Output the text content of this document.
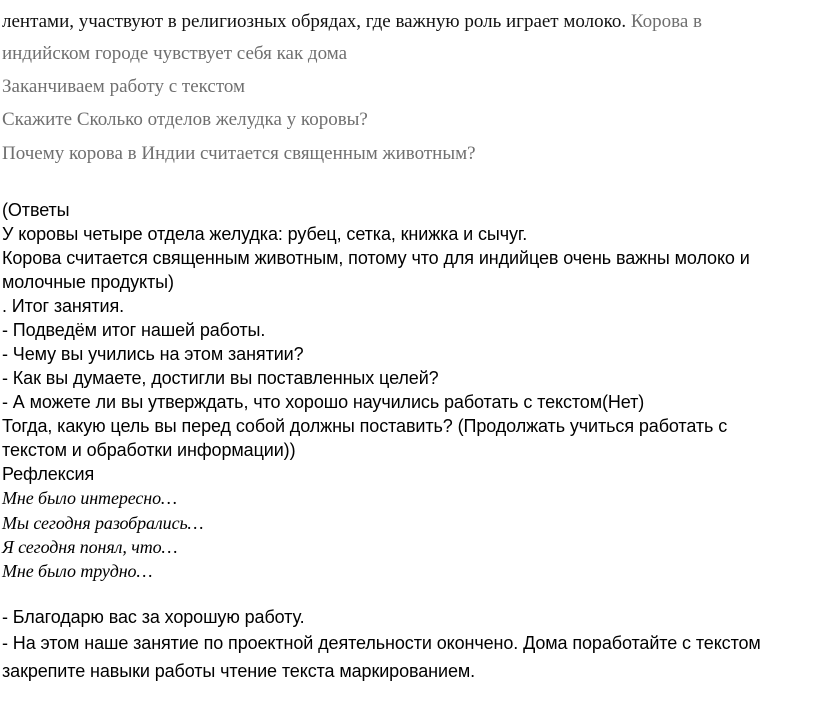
лентами, участвуют в религиозных обрядах, где важную роль играет молоко. Корова в
индийском городе чувствует себя как дома
Заканчиваем работу с текстом
Скажите Сколько отделов желудка у коровы?
Почему корова в Индии считается священным животным?
(Ответы
У коровы четыре отдела желудка: рубец, сетка, книжка и сычуг.
Корова считается священным животным, потому что для индийцев очень важны молоко и
молочные продукты)
. Итог занятия.
- Подведём итог нашей работы.
- Чему вы учились на этом занятии?
- Как вы думаете, достигли вы поставленных целей?
- А можете ли вы утверждать, что хорошо научились работать с текстом(Нет)
Тогда, какую цель вы перед собой должны поставить? (Продолжать учиться работать с
текстом и обработки информации))
Рефлексия
Мне было интересно…
Мы сегодня разобрались…
Я сегодня понял, что…
Мне было трудно…
- Благодарю вас за хорошую работу.
- На этом наше занятие по проектной деятельности окончено. Дома поработайте с текстом
закрепите навыки работы чтение текста маркированием.
